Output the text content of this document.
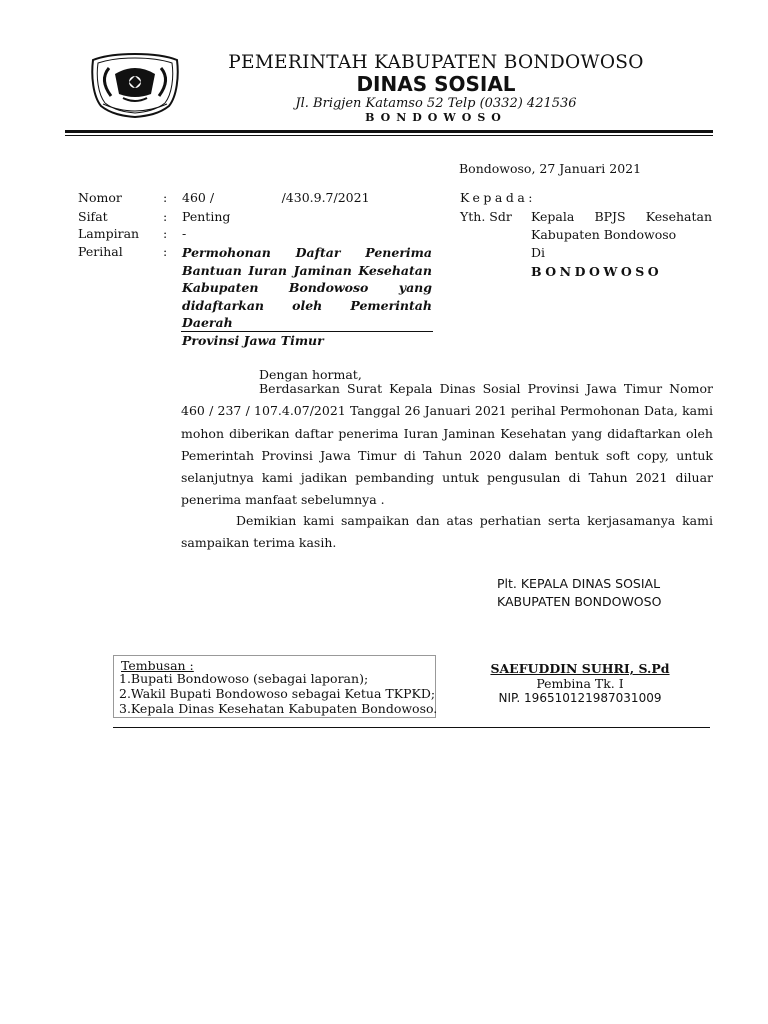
PEMERINTAH KABUPATEN BONDOWOSO
DINAS SOSIAL
Jl. Brigjen Katamso 52 Telp (0332) 421536
BONDOWOSO
Bondowoso, 27 Januari 2021
Nomor	: 460 /                 /430.9.7/2021
Sifat	: Penting
Lampiran : -
Perihal	: Permohonan Daftar Penerima
Bantuan Iuran Jaminan Kesehatan
Kabupaten Bondowoso yang
didaftarkan oleh Pemerintah Daerah
Provinsi Jawa Timur
Kepada:
Yth. Sdr Kepala BPJS Kesehatan
Kabupaten Bondowoso
Di
BONDOWOSO
Dengan hormat,
Berdasarkan Surat Kepala Dinas Sosial Provinsi Jawa Timur Nomor 460 / 237 / 107.4.07/2021 Tanggal 26 Januari 2021 perihal Permohonan Data, kami mohon diberikan daftar penerima Iuran Jaminan Kesehatan yang didaftarkan oleh Pemerintah Provinsi Jawa Timur di Tahun 2020 dalam bentuk soft copy, untuk selanjutnya kami jadikan pembanding untuk pengusulan di Tahun 2021 diluar penerima manfaat sebelumnya .
Demikian kami sampaikan dan atas perhatian serta kerjasamanya kami sampaikan terima kasih.
Plt. KEPALA DINAS SOSIAL
KABUPATEN BONDOWOSO
Tembusan :
1.Bupati Bondowoso (sebagai laporan);
2.Wakil Bupati Bondowoso sebagai Ketua TKPKD;
3.Kepala Dinas Kesehatan Kabupaten Bondowoso.
SAEFUDDIN SUHRI, S.Pd
Pembina Tk. I
NIP. 196510121987031009
